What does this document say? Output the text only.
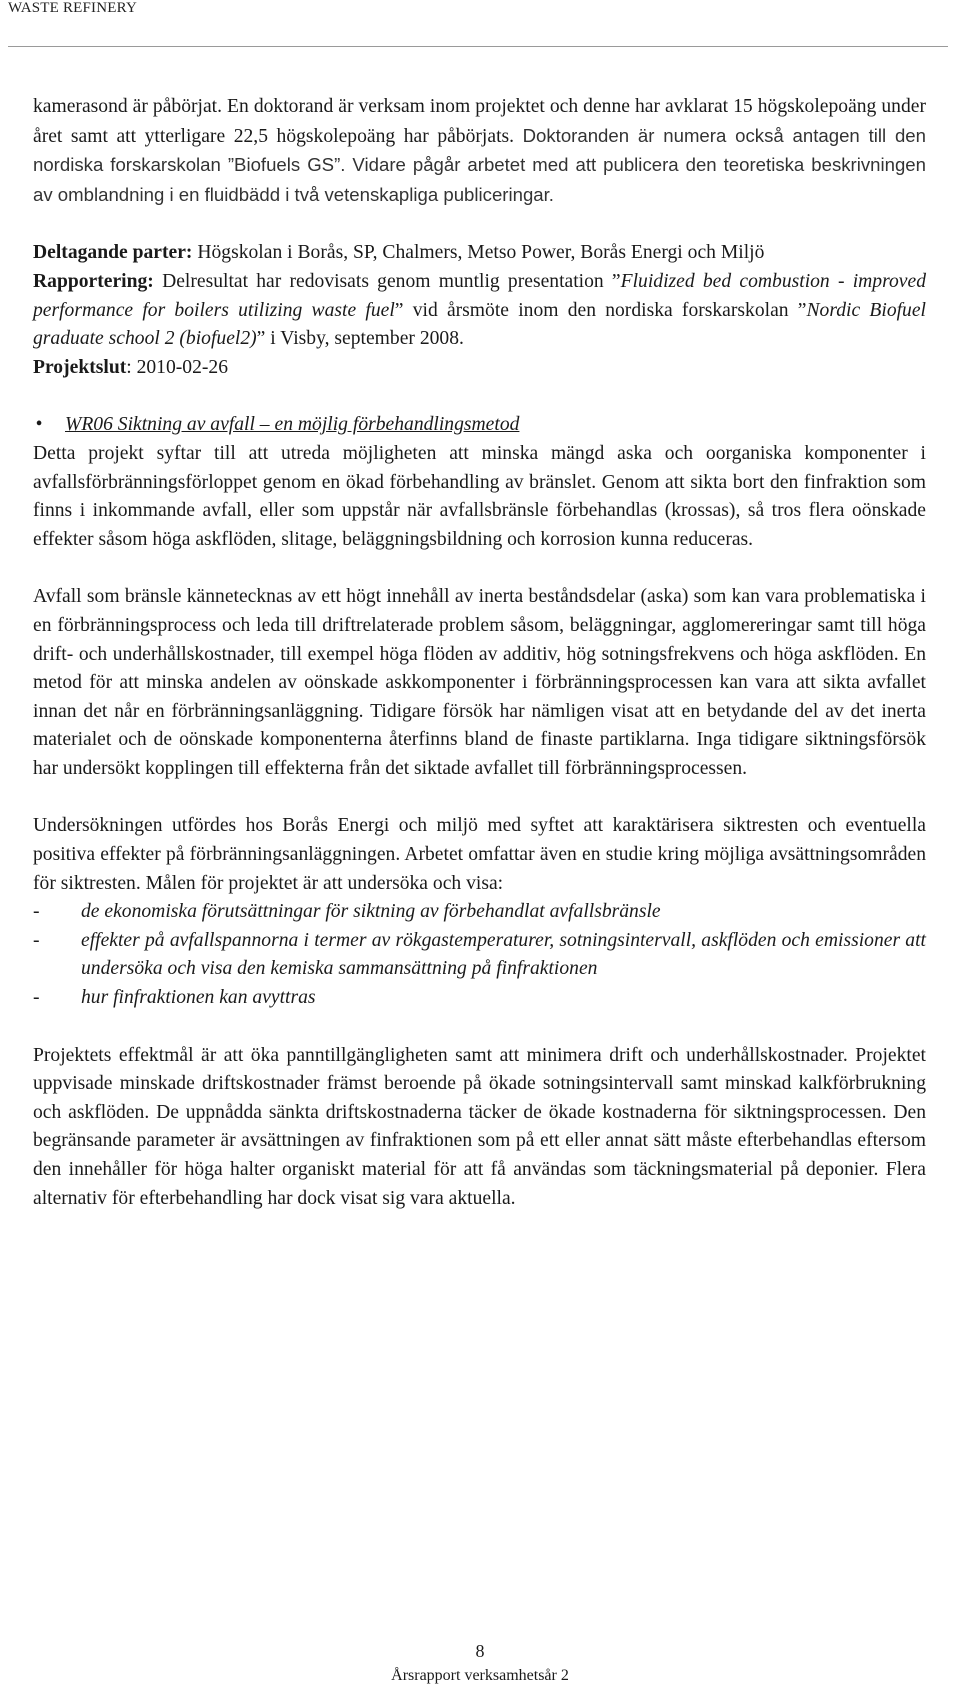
WASTE REFINERY

kamerasond är påbörjat. En doktorand är verksam inom projektet och denne har avklarat 15 högskolepoäng under året samt att ytterligare 22,5 högskolepoäng har påbörjats. Doktoranden är numera också antagen till den nordiska forskarskolan ”Biofuels GS”. Vidare pågår arbetet med att publicera den teoretiska beskrivningen av omblandning i en fluidbädd i två vetenskapliga publiceringar.

Deltagande parter: Högskolan i Borås, SP, Chalmers, Metso Power, Borås Energi och Miljö

Rapportering: Delresultat har redovisats genom muntlig presentation ”Fluidized bed combustion - improved performance for boilers utilizing waste fuel” vid årsmöte inom den nordiska forskarskolan ”Nordic Biofuel graduate school 2 (biofuel2)” i Visby, september 2008.

Projektslut: 2010-02-26

• WR06 Siktning av avfall – en möjlig förbehandlingsmetod

Detta projekt syftar till att utreda möjligheten att minska mängd aska och oorganiska komponenter i avfallsförbränningsförloppet genom en ökad förbehandling av bränslet. Genom att sikta bort den finfraktion som finns i inkommande avfall, eller som uppstår när avfallsbränsle förbehandlas (krossas), så tros flera oönskade effekter såsom höga askflöden, slitage, beläggningsbildning och korrosion kunna reduceras.

Avfall som bränsle kännetecknas av ett högt innehåll av inerta beståndsdelar (aska) som kan vara problematiska i en förbränningsprocess och leda till driftrelaterade problem såsom, beläggningar, agglomereringar samt till höga drift- och underhållskostnader, till exempel höga flöden av additiv, hög sotningsfrekvens och höga askflöden. En metod för att minska andelen av oönskade askkomponenter i förbränningsprocessen kan vara att sikta avfallet innan det når en förbränningsanläggning. Tidigare försök har nämligen visat att en betydande del av det inerta materialet och de oönskade komponenterna återfinns bland de finaste partiklarna. Inga tidigare siktningsförsök har undersökt kopplingen till effekterna från det siktade avfallet till förbränningsprocessen.

Undersökningen utfördes hos Borås Energi och miljö med syftet att karaktärisera siktresten och eventuella positiva effekter på förbränningsanläggningen. Arbetet omfattar även en studie kring möjliga avsättningsområden för siktresten. Målen för projektet är att undersöka och visa:

- de ekonomiska förutsättningar för siktning av förbehandlat avfallsbränsle
- effekter på avfallspannorna i termer av rökgastemperaturer, sotningsintervall, askflöden och emissioner att undersöka och visa den kemiska sammansättning på finfraktionen
- hur finfraktionen kan avyttras

Projektets effektmål är att öka panntillgängligheten samt att minimera drift och underhållskostnader. Projektet uppvisade minskade driftskostnader främst beroende på ökade sotningsintervall samt minskad kalkförbrukning och askflöden. De uppnådda sänkta driftskostnaderna täcker de ökade kostnaderna för siktningsprocessen. Den begränsande parameter är avsättningen av finfraktionen som på ett eller annat sätt måste efterbehandlas eftersom den innehåller för höga halter organiskt material för att få användas som täckningsmaterial på deponier. Flera alternativ för efterbehandling har dock visat sig vara aktuella.

8
Årsrapport verksamhetsår 2
